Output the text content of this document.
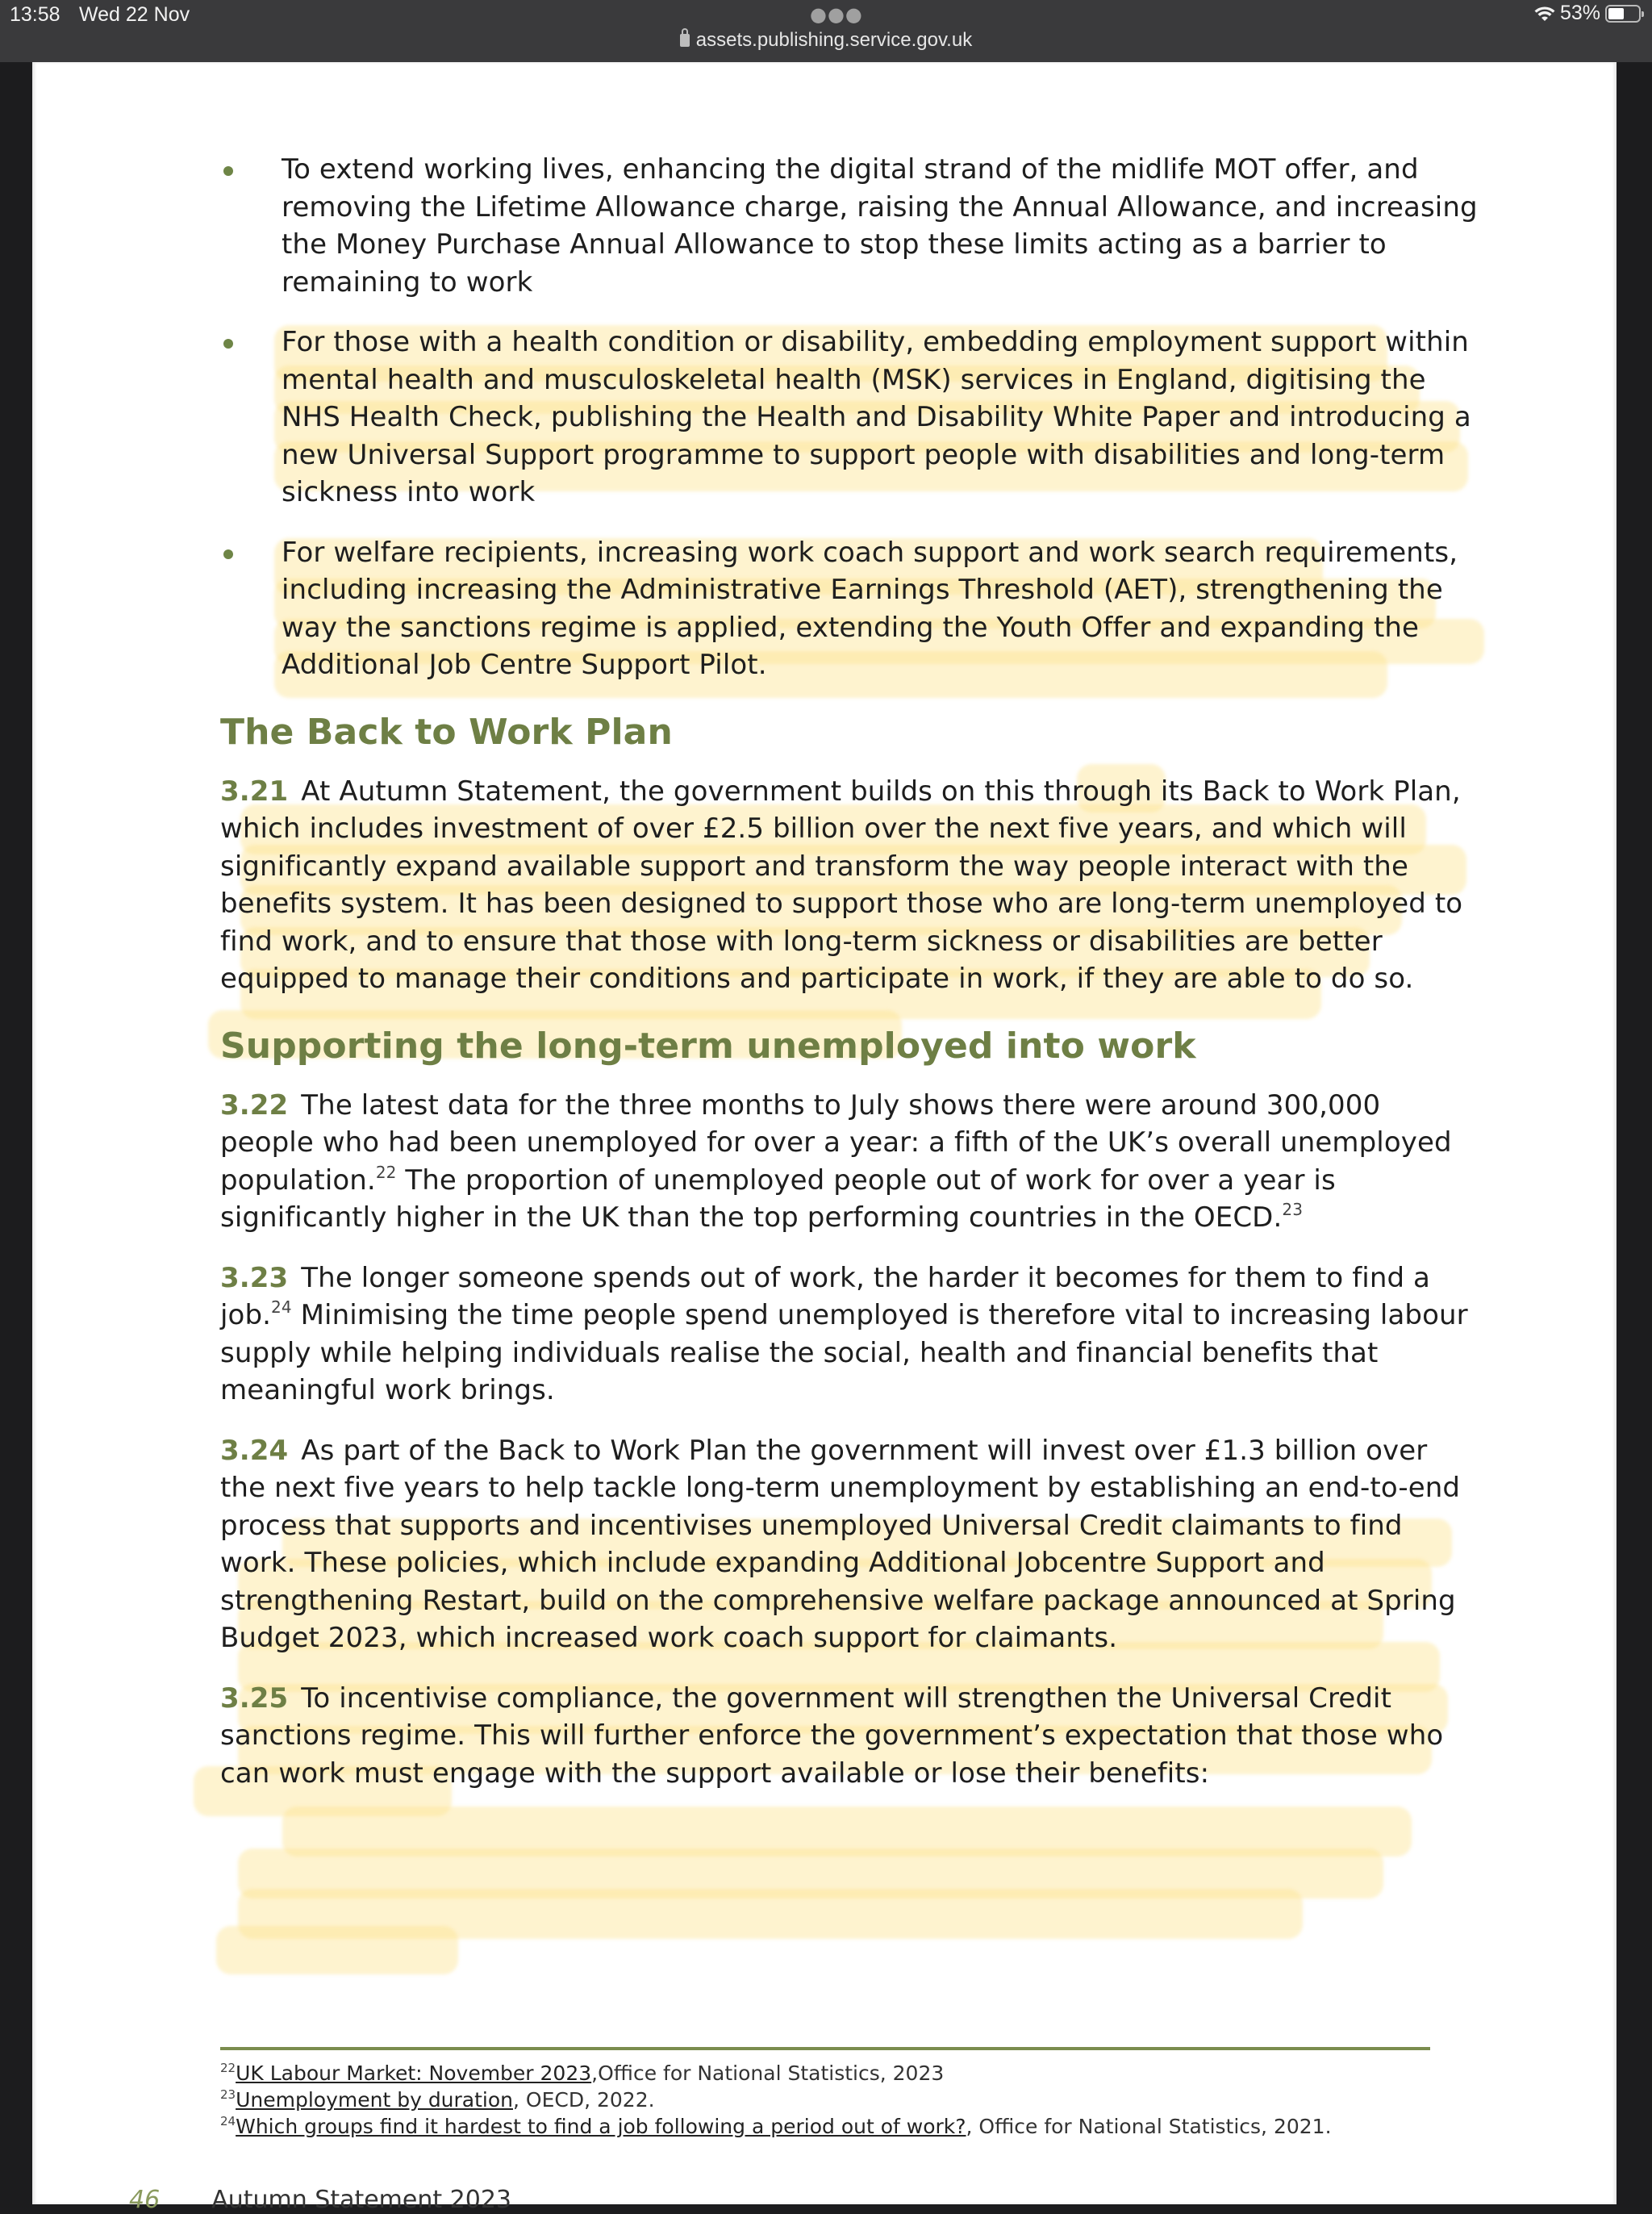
13:58 Wed 22 Nov	●●●	53%
assets.publishing.service.gov.uk
To extend working lives, enhancing the digital strand of the midlife MOT offer, and removing the Lifetime Allowance charge, raising the Annual Allowance, and increasing the Money Purchase Annual Allowance to stop these limits acting as a barrier to remaining to work
For those with a health condition or disability, embedding employment support within mental health and musculoskeletal health (MSK) services in England, digitising the NHS Health Check, publishing the Health and Disability White Paper and introducing a new Universal Support programme to support people with disabilities and long-term sickness into work
For welfare recipients, increasing work coach support and work search requirements, including increasing the Administrative Earnings Threshold (AET), strengthening the way the sanctions regime is applied, extending the Youth Offer and expanding the Additional Job Centre Support Pilot.
The Back to Work Plan

3.21 At Autumn Statement, the government builds on this through its Back to Work Plan, which includes investment of over £2.5 billion over the next five years, and which will significantly expand available support and transform the way people interact with the benefits system. It has been designed to support those who are long-term unemployed to find work, and to ensure that those with long-term sickness or disabilities are better equipped to manage their conditions and participate in work, if they are able to do so.

Supporting the long-term unemployed into work

3.22 The latest data for the three months to July shows there were around 300,000 people who had been unemployed for over a year: a fifth of the UK’s overall unemployed population.$^{22}$ The proportion of unemployed people out of work for over a year is significantly higher in the UK than the top performing countries in the OECD.$^{23}$

3.23 The longer someone spends out of work, the harder it becomes for them to find a job.$^{24}$ Minimising the time people spend unemployed is therefore vital to increasing labour supply while helping individuals realise the social, health and financial benefits that meaningful work brings.

3.24 As part of the Back to Work Plan the government will invest over £1.3 billion over the next five years to help tackle long-term unemployment by establishing an end-to-end process that supports and incentivises unemployed Universal Credit claimants to find work. These policies, which include expanding Additional Jobcentre Support and strengthening Restart, build on the comprehensive welfare package announced at Spring Budget 2023, which increased work coach support for claimants.

3.25 To incentivise compliance, the government will strengthen the Universal Credit sanctions regime. This will further enforce the government’s expectation that those who can work must engage with the support available or lose their benefits:

$^{22}$UK Labour Market: November 2023,Office for National Statistics, 2023
$^{23}$Unemployment by duration, OECD, 2022.
$^{24}$Which groups find it hardest to find a job following a period out of work?, Office for National Statistics, 2021.
46 Autumn Statement 2023
